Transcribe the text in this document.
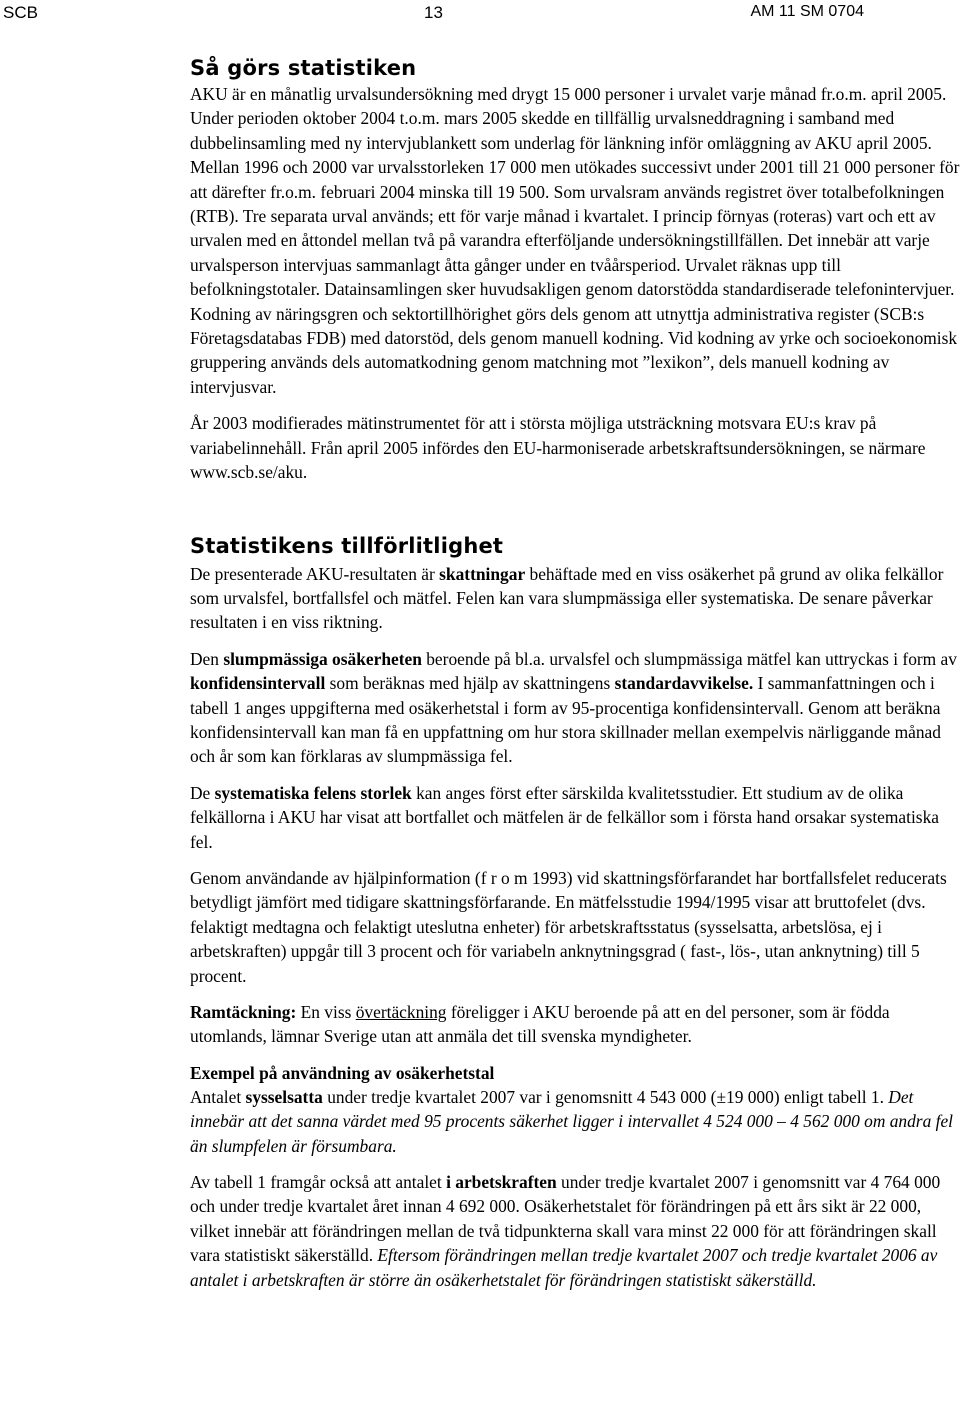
SCB	13	AM 11 SM 0704
Så görs statistiken

AKU är en månatlig urvalsundersökning med drygt 15 000 personer i urvalet varje månad fr.o.m. april 2005. Under perioden oktober 2004 t.o.m. mars 2005 skedde en tillfällig urvalsneddragning i samband med dubbelinsamling med ny intervjublankett som underlag för länkning inför omläggning av AKU april 2005. Mellan 1996 och 2000 var urvalsstorleken 17 000 men utökades successivt under 2001 till 21 000 personer för att därefter fr.o.m. februari 2004 minska till 19 500. Som urvalsram används registret över totalbefolkningen (RTB). Tre separata urval används; ett för varje månad i kvartalet. I princip förnyas (roteras) vart och ett av urvalen med en åttondel mellan två på varandra efterföljande undersökningstillfällen. Det innebär att varje urvalsperson intervjuas sammanlagt åtta gånger under en tvåårsperiod. Urvalet räknas upp till befolkningstotaler. Datainsamlingen sker huvudsakligen genom datorstödda standardiserade telefonintervjuer. Kodning av näringsgren och sektortillhörighet görs dels genom att utnyttja administrativa register (SCB:s Företagsdatabas FDB) med datorstöd, dels genom manuell kodning. Vid kodning av yrke och socioekonomisk gruppering används dels automatkodning genom matchning mot ”lexikon”, dels manuell kodning av intervjusvar.

År 2003 modifierades mätinstrumentet för att i största möjliga utsträckning motsvara EU:s krav på variabelinnehåll. Från april 2005 infördes den EU-harmoniserade arbetskraftsundersökningen, se närmare www.scb.se/aku.

Statistikens tillförlitlighet

De presenterade AKU-resultaten är skattningar behäftade med en viss osäkerhet på grund av olika felkällor som urvalsfel, bortfallsfel och mätfel. Felen kan vara slumpmässiga eller systematiska. De senare påverkar resultaten i en viss riktning.

Den slumpmässiga osäkerheten beroende på bl.a. urvalsfel och slumpmässiga mätfel kan uttryckas i form av konfidensintervall som beräknas med hjälp av skattningens standardavvikelse. I sammanfattningen och i tabell 1 anges uppgifterna med osäkerhetstal i form av 95-procentiga konfidensintervall. Genom att beräkna konfidensintervall kan man få en uppfattning om hur stora skillnader mellan exempelvis närliggande månad och år som kan förklaras av slumpmässiga fel.

De systematiska felens storlek kan anges först efter särskilda kvalitetsstudier. Ett studium av de olika felkällorna i AKU har visat att bortfallet och mätfelen är de felkällor som i första hand orsakar systematiska fel.

Genom användande av hjälpinformation (f r o m 1993) vid skattningsförfarandet har bortfallsfelet reducerats betydligt jämfört med tidigare skattningsförfarande. En mätfelsstudie 1994/1995 visar att bruttofelet (dvs. felaktigt medtagna och felaktigt uteslutna enheter) för arbetskraftsstatus (sysselsatta, arbetslösa, ej i arbetskraften) uppgår till 3 procent och för variabeln anknytningsgrad ( fast-, lös-, utan anknytning) till 5 procent.

Ramtäckning: En viss övertäckning föreligger i AKU beroende på att en del personer, som är födda utomlands, lämnar Sverige utan att anmäla det till svenska myndigheter.

Exempel på användning av osäkerhetstal

Antalet sysselsatta under tredje kvartalet 2007 var i genomsnitt 4 543 000 (±19 000) enligt tabell 1. Det innebär att det sanna värdet med 95 procents säkerhet ligger i intervallet 4 524 000 – 4 562 000 om andra fel än slumpfelen är försumbara.

Av tabell 1 framgår också att antalet i arbetskraften under tredje kvartalet 2007 i genomsnitt var 4 764 000 och under tredje kvartalet året innan 4 692 000. Osäkerhetstalet för förändringen på ett års sikt är 22 000, vilket innebär att förändringen mellan de två tidpunkterna skall vara minst 22 000 för att förändringen skall vara statistiskt säkerställd. Eftersom förändringen mellan tredje kvartalet 2007 och tredje kvartalet 2006 av antalet i arbetskraften är större än osäkerhetstalet för förändringen statistiskt säkerställd.
